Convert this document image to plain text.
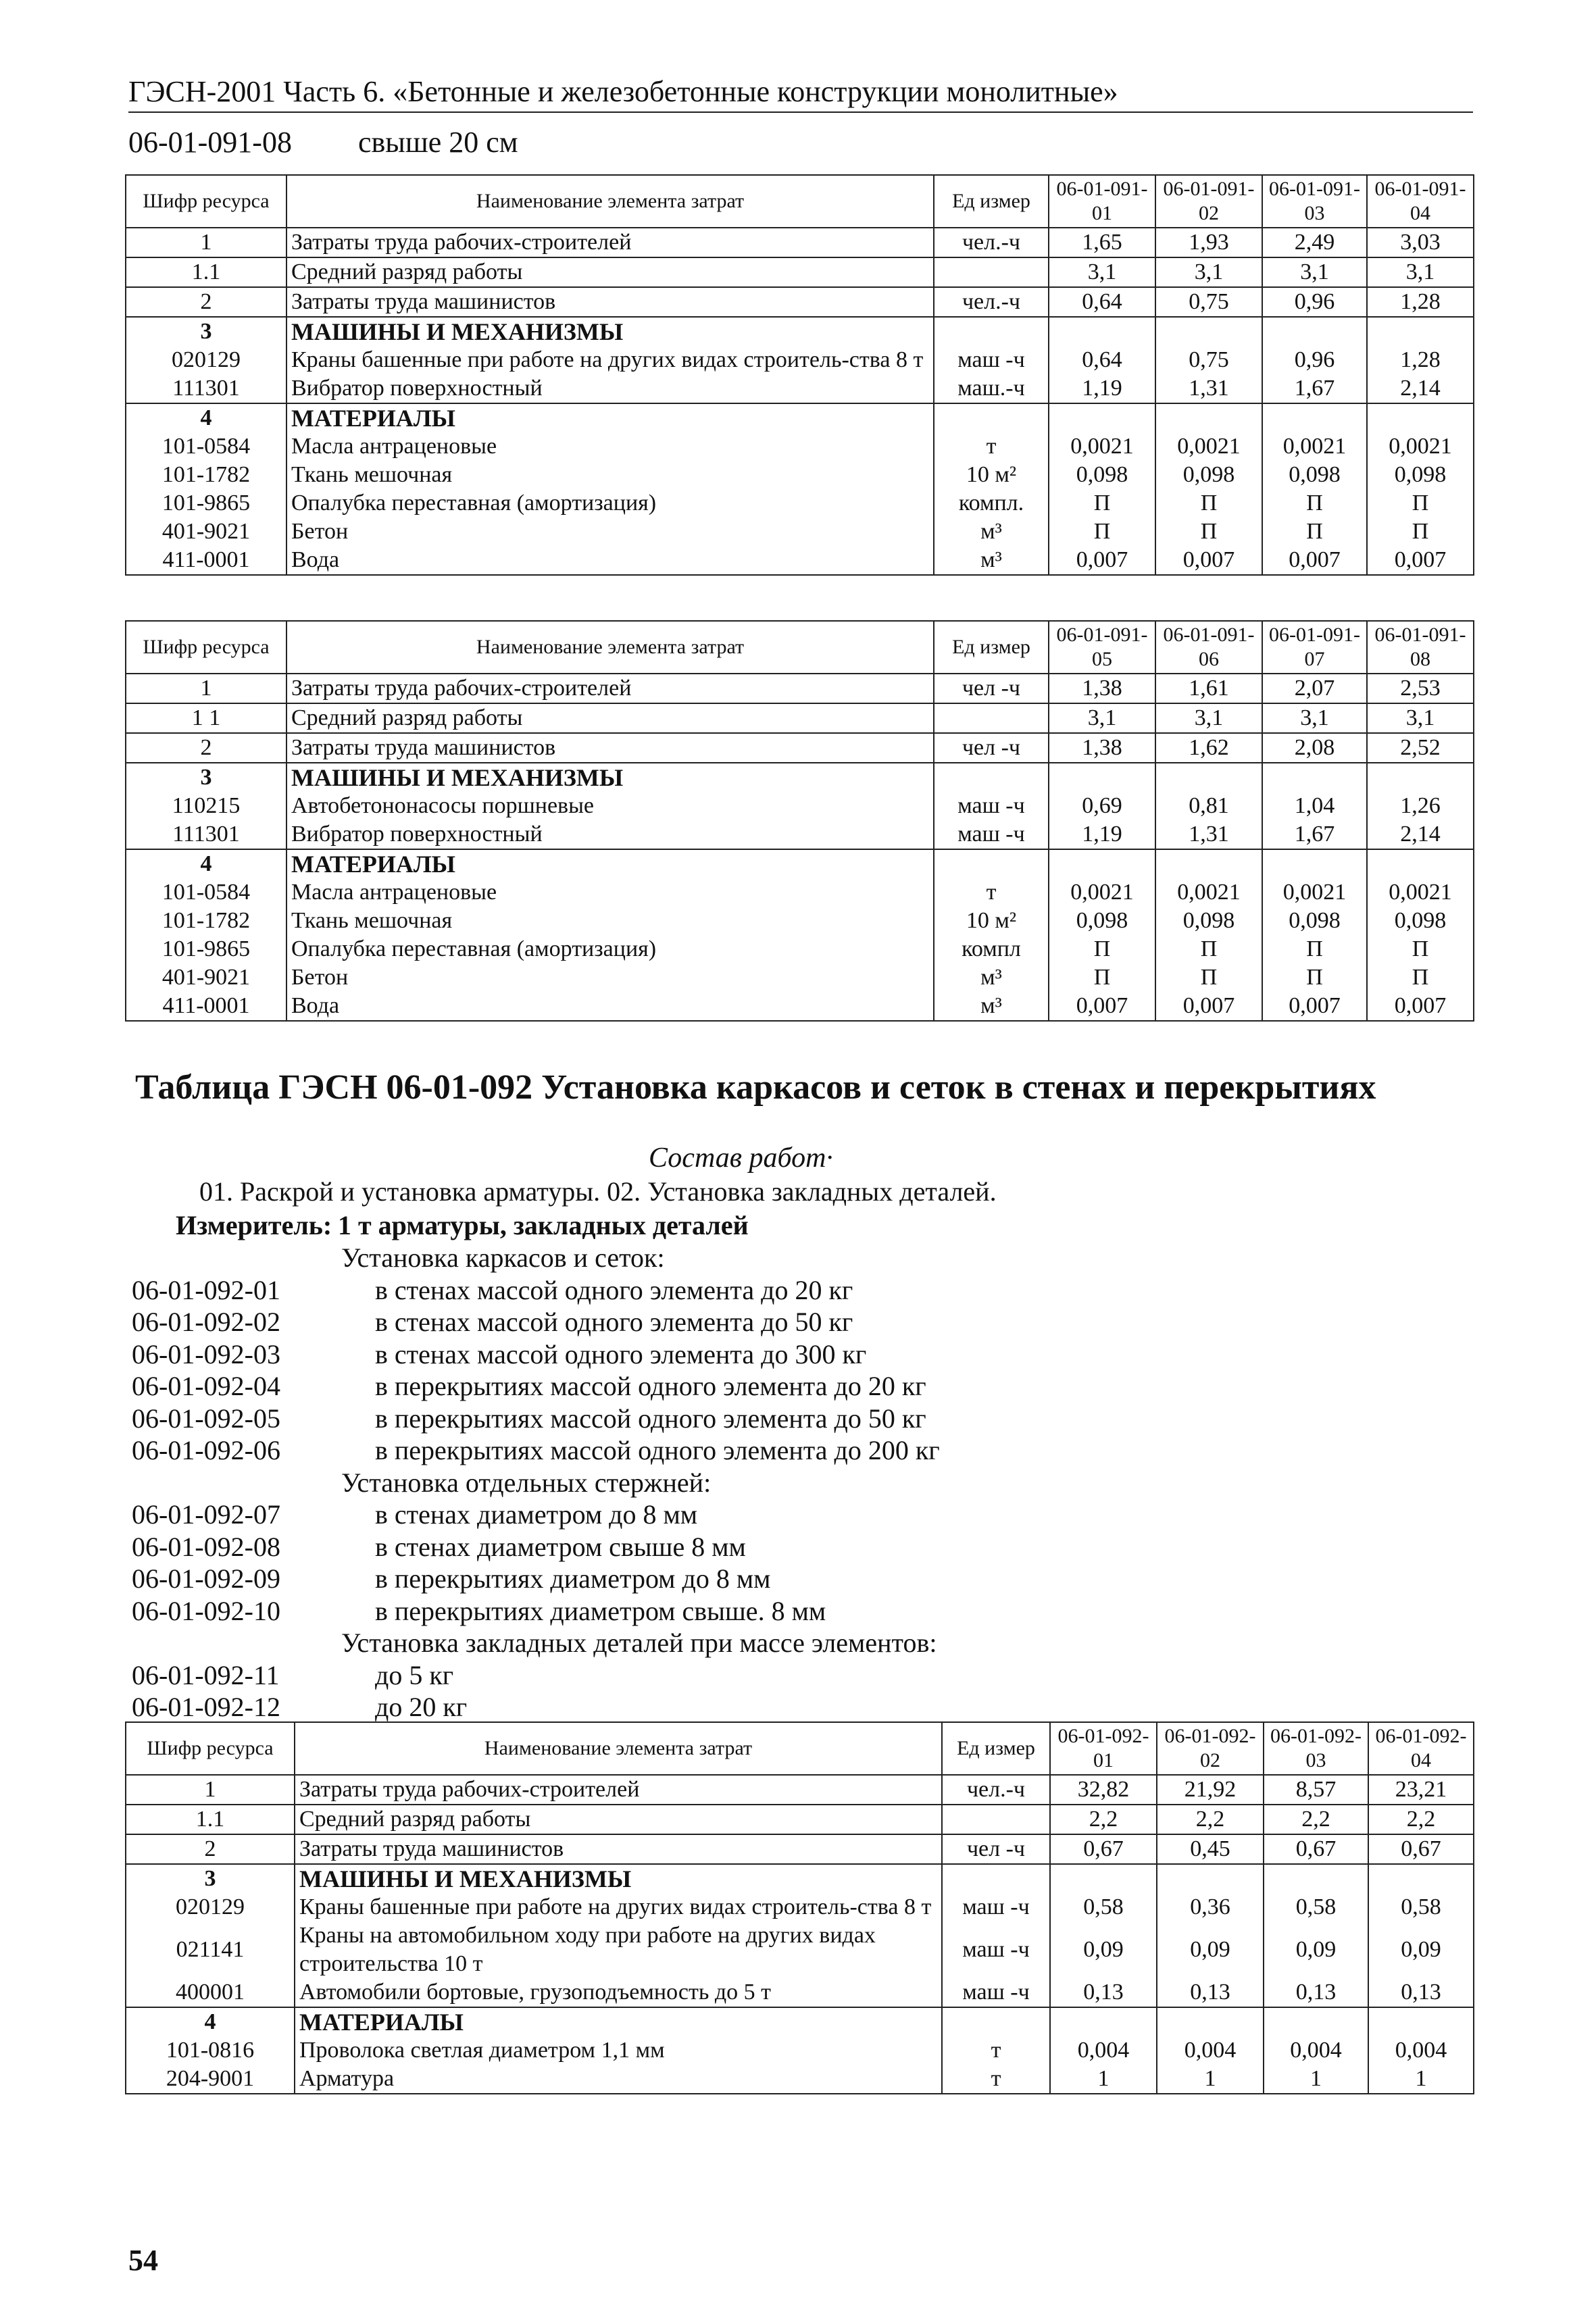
ГЭСН-2001 Часть 6. «Бетонные и железобетонные конструкции монолитные»
06-01-091-08 свыше 20 см
Шифр ресурса	Наименование элемента затрат	Ед измер	06-01-091-01	06-01-091-02	06-01-091-03	06-01-091-04
1	Затраты труда рабочих-строителей	чел.-ч	1,65	1,93	2,49	3,03
1.1	Средний разряд работы		3,1	3,1	3,1	3,1
2	Затраты труда машинистов	чел.-ч	0,64	0,75	0,96	1,28
3	МАШИНЫ И МЕХАНИЗМЫ					
020129	Краны башенные при работе на других видах строитель-ства 8 т	маш -ч	0,64	0,75	0,96	1,28
111301	Вибратор поверхностный	маш.-ч	1,19	1,31	1,67	2,14
4	МАТЕРИАЛЫ					
101-0584	Масла антраценовые	т	0,0021	0,0021	0,0021	0,0021
101-1782	Ткань мешочная	10 м²	0,098	0,098	0,098	0,098
101-9865	Опалубка переставная (амортизация)	компл.	П	П	П	П
401-9021	Бетон	м³	П	П	П	П
411-0001	Вода	м³	0,007	0,007	0,007	0,007
Шифр ресурса	Наименование элемента затрат	Ед измер	06-01-091-05	06-01-091-06	06-01-091-07	06-01-091-08
1	Затраты труда рабочих-строителей	чел -ч	1,38	1,61	2,07	2,53
1 1	Средний разряд работы		3,1	3,1	3,1	3,1
2	Затраты труда машинистов	чел -ч	1,38	1,62	2,08	2,52
3	МАШИНЫ И МЕХАНИЗМЫ					
110215	Автобетононасосы поршневые	маш -ч	0,69	0,81	1,04	1,26
111301	Вибратор поверхностный	маш -ч	1,19	1,31	1,67	2,14
4	МАТЕРИАЛЫ					
101-0584	Масла антраценовые	т	0,0021	0,0021	0,0021	0,0021
101-1782	Ткань мешочная	10 м²	0,098	0,098	0,098	0,098
101-9865	Опалубка переставная (амортизация)	компл	П	П	П	П
401-9021	Бетон	м³	П	П	П	П
411-0001	Вода	м³	0,007	0,007	0,007	0,007
Таблица ГЭСН 06-01-092 Установка каркасов и сеток в стенах и перекрытиях
Состав работ·
01. Раскрой и установка арматуры. 02. Установка закладных деталей.
Измеритель: 1 т арматуры, закладных деталей
Установка каркасов и сеток:
06-01-092-01	в стенах массой одного элемента до 20 кг
06-01-092-02	в стенах массой одного элемента до 50 кг
06-01-092-03	в стенах массой одного элемента до 300 кг
06-01-092-04	в перекрытиях массой одного элемента до 20 кг
06-01-092-05	в перекрытиях массой одного элемента до 50 кг
06-01-092-06	в перекрытиях массой одного элемента до 200 кг
Установка отдельных стержней:
06-01-092-07	в стенах диаметром до 8 мм
06-01-092-08	в стенах диаметром свыше 8 мм
06-01-092-09	в перекрытиях диаметром до 8 мм
06-01-092-10	в перекрытиях диаметром свыше. 8 мм
Установка закладных деталей при массе элементов:
06-01-092-11	до 5 кг
06-01-092-12	до 20 кг
Шифр ресурса	Наименование элемента затрат	Ед измер	06-01-092-01	06-01-092-02	06-01-092-03	06-01-092-04
1	Затраты труда рабочих-строителей	чел.-ч	32,82	21,92	8,57	23,21
1.1	Средний разряд работы		2,2	2,2	2,2	2,2
2	Затраты труда машинистов	чел -ч	0,67	0,45	0,67	0,67
3	МАШИНЫ И МЕХАНИЗМЫ					
020129	Краны башенные при работе на других видах строитель-ства 8 т	маш -ч	0,58	0,36	0,58	0,58
021141	Краны на автомобильном ходу при работе на других видах строительства 10 т	маш -ч	0,09	0,09	0,09	0,09
400001	Автомобили бортовые, грузоподъемность до 5 т	маш -ч	0,13	0,13	0,13	0,13
4	МАТЕРИАЛЫ					
101-0816	Проволока светлая диаметром 1,1 мм	т	0,004	0,004	0,004	0,004
204-9001	Арматура	т	1	1	1	1
54
